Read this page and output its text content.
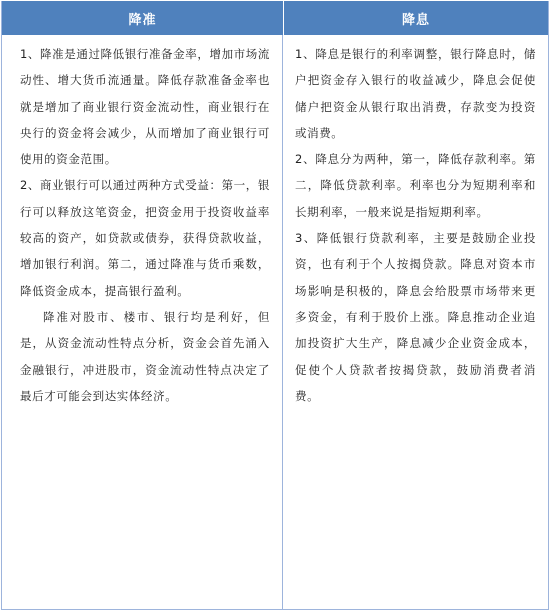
降准	降息

1、降准是通过降低银行准备金率，增加市场流动性、增大货币流通量。降低存款准备金率也就是增加了商业银行资金流动性，商业银行在央行的资金将会减少，从而增加了商业银行可使用的资金范围。

2、商业银行可以通过两种方式受益：第一，银行可以释放这笔资金，把资金用于投资收益率较高的资产，如贷款或债券，获得贷款收益，增加银行利润。第二，通过降准与货币乘数，降低资金成本，提高银行盈利。

降准对股市、楼市、银行均是利好，但是，从资金流动性特点分析，资金会首先涌入金融银行，冲进股市，资金流动性特点决定了最后才可能会到达实体经济。

1、降息是银行的利率调整，银行降息时，储户把资金存入银行的收益减少，降息会促使储户把资金从银行取出消费，存款变为投资或消费。

2、降息分为两种，第一，降低存款利率。第二，降低贷款利率。利率也分为短期利率和长期利率，一般来说是指短期利率。

3、降低银行贷款利率，主要是鼓励企业投资，也有利于个人按揭贷款。降息对资本市场影响是积极的，降息会给股票市场带来更多资金，有利于股价上涨。降息推动企业追加投资扩大生产，降息减少企业资金成本，促使个人贷款者按揭贷款，鼓励消费者消费。
